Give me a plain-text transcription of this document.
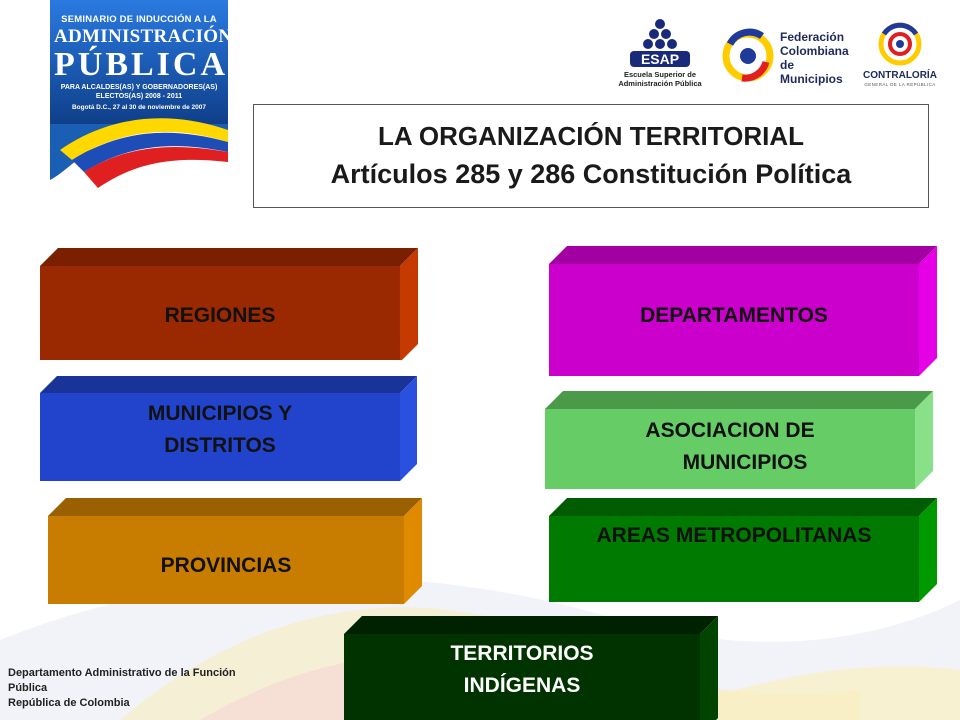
SEMINARIO DE INDUCCIÓN A LA
ADMINISTRACIÓN
PÚBLICA
PARA ALCALDES(AS) Y GOBERNADORES(AS)
ELECTOS(AS) 2008 - 2011
Bogotá D.C., 27 al 30 de noviembre de 2007
ESAP
Escuela Superior de
Administración Pública
Federación
Colombiana
de Municipios	CONTRALORÍA
GENERAL DE LA REPÚBLICA
LA ORGANIZACIÓN TERRITORIAL
Artículos 285 y 286 Constitución Política
REGIONES	DEPARTAMENTOS
MUNICIPIOS Y
DISTRITOS
ASOCIACION DE
MUNICIPIOS
PROVINCIAS
AREAS METROPOLITANAS
TERRITORIOS
INDÍGENAS
Departamento Administrativo de la Función
Pública
República de Colombia
